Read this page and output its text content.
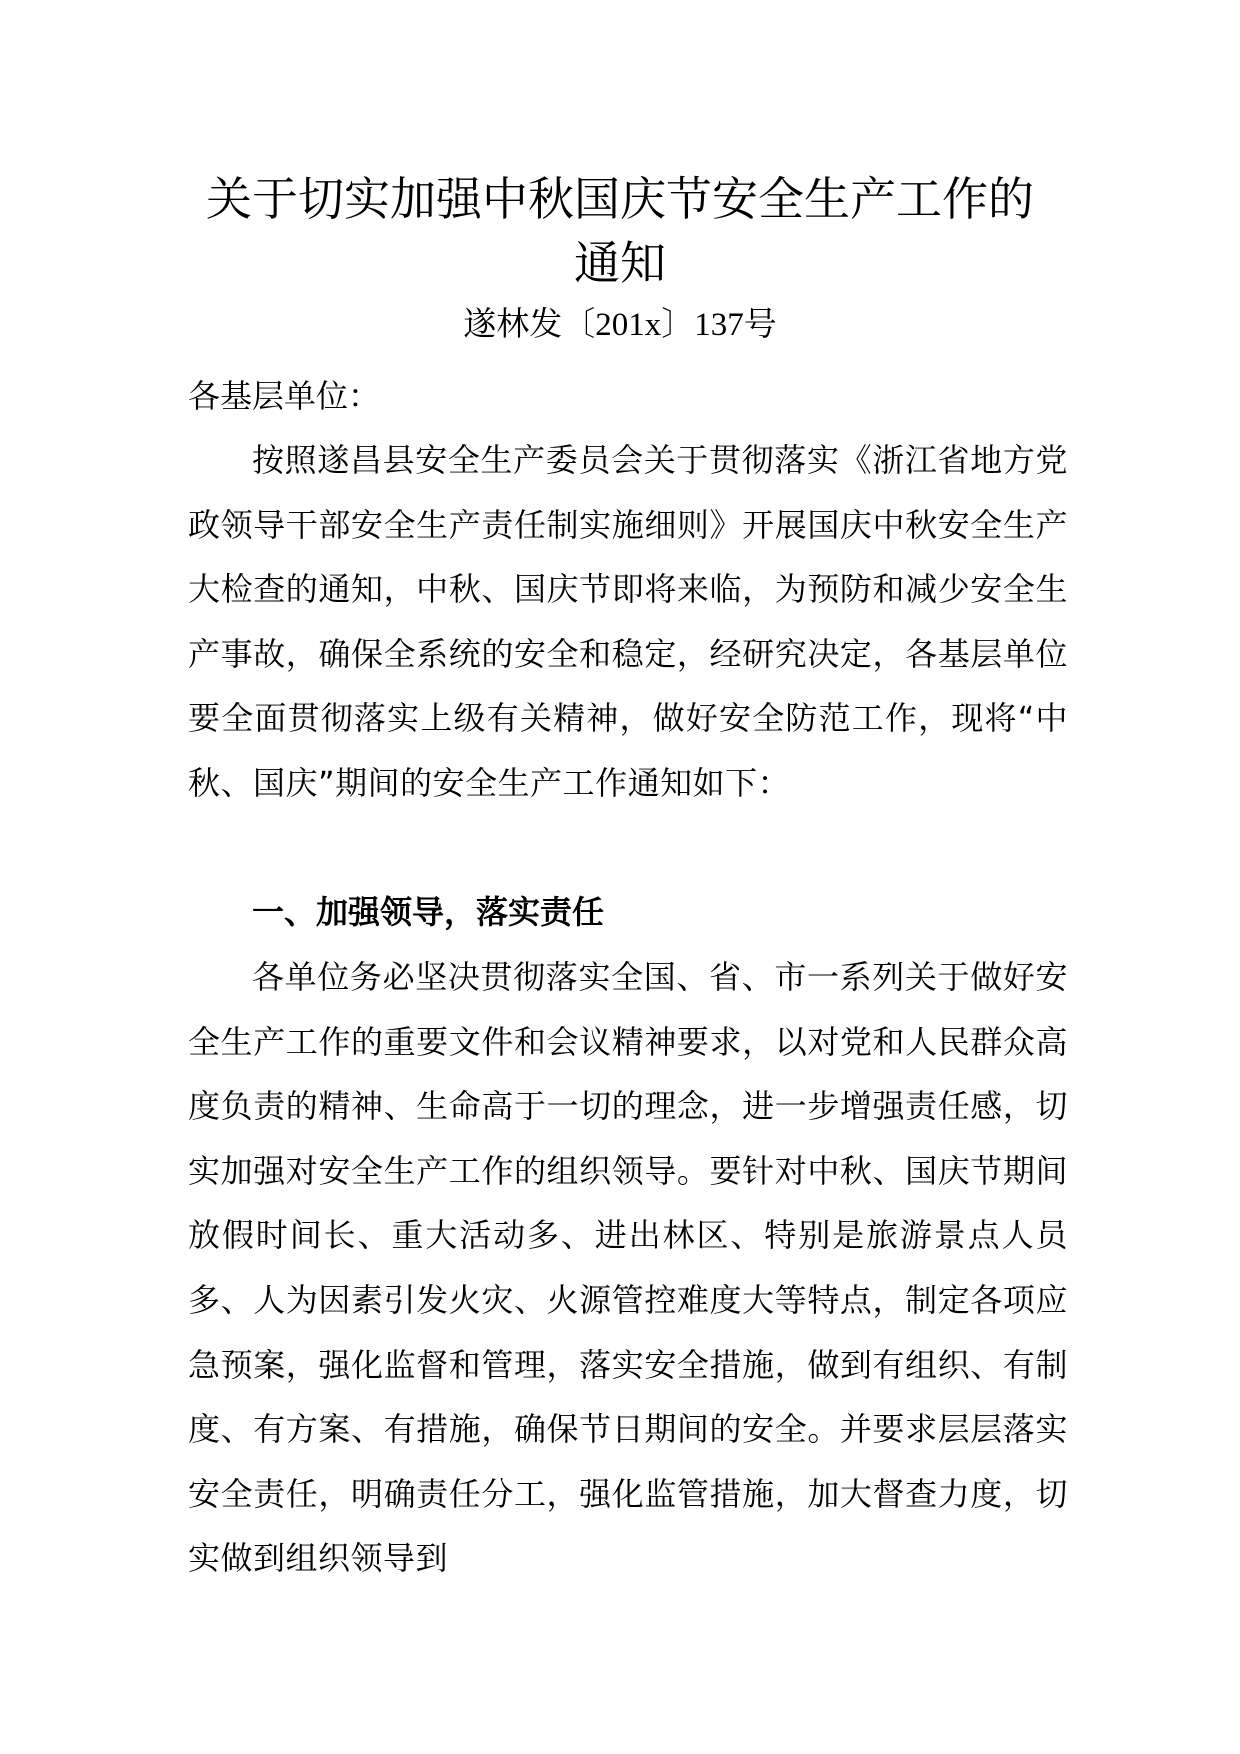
关于切实加强中秋国庆节安全生产工作的
通知
遂林发〔201x〕137号

各基层单位：

按照遂昌县安全生产委员会关于贯彻落实《浙江省地方党政领导干部安全生产责任制实施细则》开展国庆中秋安全生产大检查的通知，中秋、国庆节即将来临，为预防和减少安全生产事故，确保全系统的安全和稳定，经研究决定，各基层单位要全面贯彻落实上级有关精神，做好安全防范工作，现将“中秋、国庆”期间的安全生产工作通知如下：

一、加强领导，落实责任

各单位务必坚决贯彻落实全国、省、市一系列关于做好安全生产工作的重要文件和会议精神要求，以对党和人民群众高度负责的精神、生命高于一切的理念，进一步增强责任感，切实加强对安全生产工作的组织领导。要针对中秋、国庆节期间放假时间长、重大活动多、进出林区、特别是旅游景点人员多、人为因素引发火灾、火源管控难度大等特点，制定各项应急预案，强化监督和管理，落实安全措施，做到有组织、有制度、有方案、有措施，确保节日期间的安全。并要求层层落实安全责任，明确责任分工，强化监管措施，加大督查力度，切实做到组织领导到
